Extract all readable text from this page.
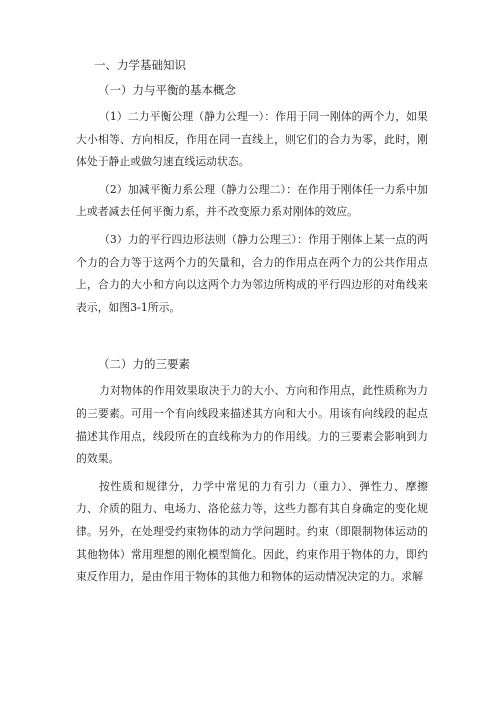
一、力学基础知识
（一）力与平衡的基本概念

（1）二力平衡公理（静力公理一）：作用于同一刚体的两个力，如果大小相等、方向相反，作用在同一直线上，则它们的合力为零，此时，刚体处于静止或做匀速直线运动状态。

（2）加减平衡力系公理（静力公理二）：在作用于刚体任一力系中加上或者减去任何平衡力系，并不改变原力系对刚体的效应。

（3）力的平行四边形法则（静力公理三）：作用于刚体上某一点的两个力的合力等于这两个力的矢量和，合力的作用点在两个力的公共作用点上，合力的大小和方向以这两个力为邻边所构成的平行四边形的对角线来表示，如图3-1所示。

（二）力的三要素

力对物体的作用效果取决于力的大小、方向和作用点，此性质称为力的三要素。可用一个有向线段来描述其方向和大小。用该有向线段的起点描述其作用点，线段所在的直线称为力的作用线。力的三要素会影响到力的效果。

按性质和规律分，力学中常见的力有引力（重力）、弹性力、摩擦力、介质的阻力、电场力、洛伦兹力等，这些力都有其自身确定的变化规律。另外，在处理受约束物体的动力学问题时。约束（即限制物体运动的其他物体）常用理想的刚化模型简化。因此，约束作用于物体的力，即约束反作用力，是由作用于物体的其他力和物体的运动情况决定的力。求解
